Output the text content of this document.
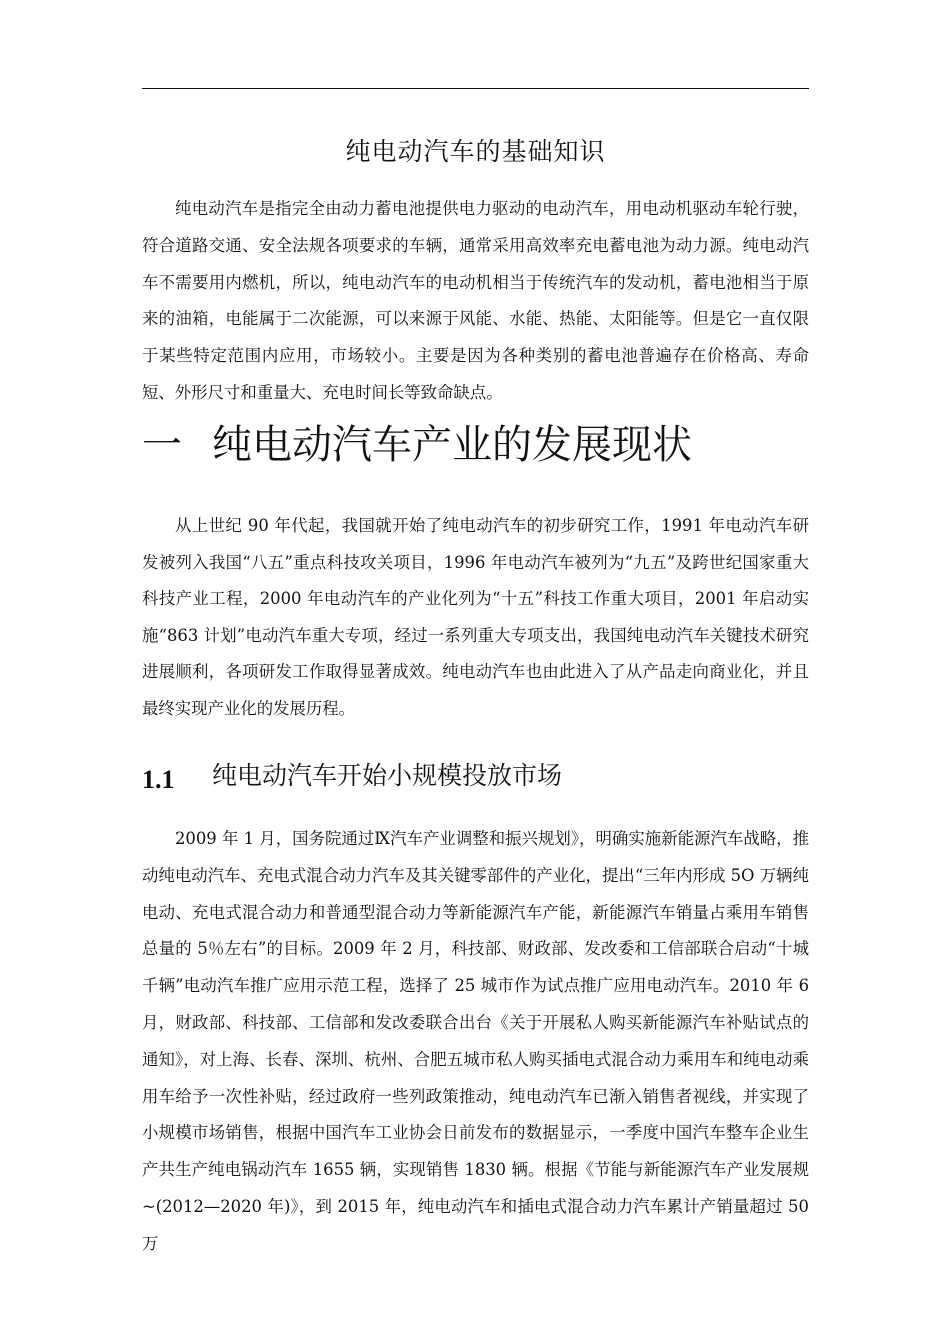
纯电动汽车的基础知识

纯电动汽车是指完全由动力蓄电池提供电力驱动的电动汽车，用电动机驱动车轮行驶，符合道路交通、安全法规各项要求的车辆，通常采用高效率充电蓄电池为动力源。纯电动汽车不需要用内燃机，所以，纯电动汽车的电动机相当于传统汽车的发动机，蓄电池相当于原来的油箱，电能属于二次能源，可以来源于风能、水能、热能、太阳能等。但是它一直仅限于某些特定范围内应用，市场较小。主要是因为各种类别的蓄电池普遍存在价格高、寿命短、外形尺寸和重量大、充电时间长等致命缺点。

一 纯电动汽车产业的发展现状

从上世纪 90 年代起，我国就开始了纯电动汽车的初步研究工作，1991 年电动汽车研发被列入我国“八五”重点科技攻关项目，1996 年电动汽车被列为“九五”及跨世纪国家重大科技产业工程，2000 年电动汽车的产业化列为“十五”科技工作重大项目，2001 年启动实施“863 计划”电动汽车重大专项，经过一系列重大专项支出，我国纯电动汽车关键技术研究进展顺利，各项研发工作取得显著成效。纯电动汽车也由此进入了从产品走向商业化，并且最终实现产业化的发展历程。

1.1 纯电动汽车开始小规模投放市场

2009 年 1 月，国务院通过Ⅸ汽车产业调整和振兴规划》，明确实施新能源汽车战略，推动纯电动汽车、充电式混合动力汽车及其关键零部件的产业化，提出“三年内形成 5O 万辆纯电动、充电式混合动力和普通型混合动力等新能源汽车产能，新能源汽车销量占乘用车销售总量的 5％左右”的目标。2009 年 2 月，科技部、财政部、发改委和工信部联合启动“十城千辆”电动汽车推广应用示范工程，选择了 25 城市作为试点推广应用电动汽车。2010 年 6 月，财政部、科技部、工信部和发改委联合出台《关于开展私人购买新能源汽车补贴试点的通知》，对上海、长春、深圳、杭州、合肥五城市私人购买插电式混合动力乘用车和纯电动乘用车给予一次性补贴，经过政府一些列政策推动，纯电动汽车已渐入销售者视线，并实现了小规模市场销售，根据中国汽车工业协会日前发布的数据显示，一季度中国汽车整车企业生产共生产纯电锅动汽车 1655 辆，实现销售 1830 辆。根据《节能与新能源汽车产业发展规~(2012—2020 年)》，到 2015 年，纯电动汽车和插电式混合动力汽车累计产销量超过 50 万
